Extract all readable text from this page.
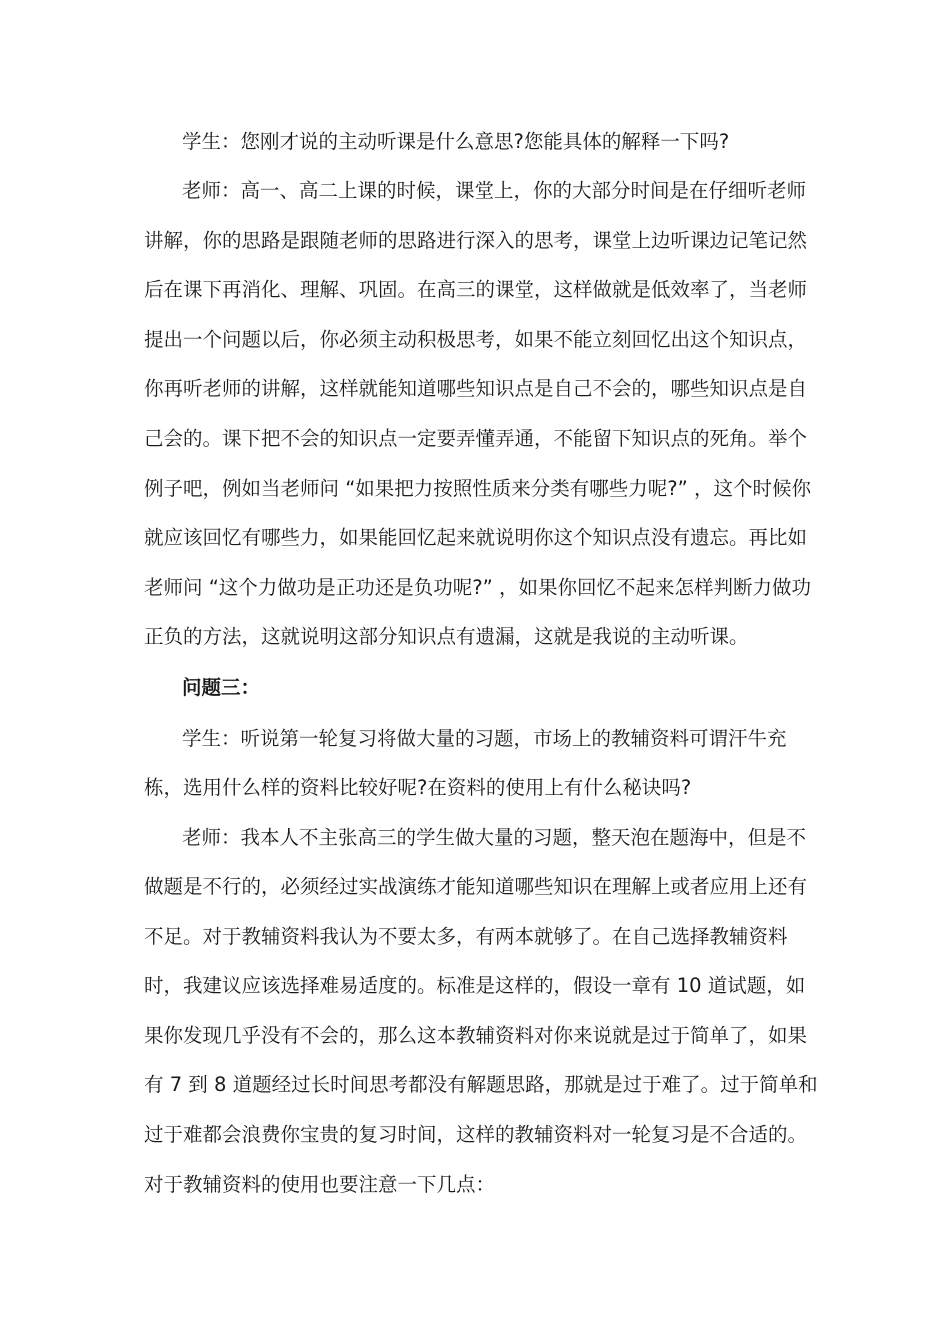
学生：您刚才说的主动听课是什么意思?您能具体的解释一下吗?
老师：高一、高二上课的时候，课堂上，你的大部分时间是在仔细听老师
讲解，你的思路是跟随老师的思路进行深入的思考，课堂上边听课边记笔记然
后在课下再消化、理解、巩固。在高三的课堂，这样做就是低效率了，当老师
提出一个问题以后，你必须主动积极思考，如果不能立刻回忆出这个知识点，
你再听老师的讲解，这样就能知道哪些知识点是自己不会的，哪些知识点是自
己会的。课下把不会的知识点一定要弄懂弄通，不能留下知识点的死角。举个
例子吧，例如当老师问 “如果把力按照性质来分类有哪些力呢?” ，这个时候你
就应该回忆有哪些力，如果能回忆起来就说明你这个知识点没有遗忘。再比如
老师问 “这个力做功是正功还是负功呢?” ，如果你回忆不起来怎样判断力做功
正负的方法，这就说明这部分知识点有遗漏，这就是我说的主动听课。
问题三：
学生：听说第一轮复习将做大量的习题，市场上的教辅资料可谓汗牛充
栋，选用什么样的资料比较好呢?在资料的使用上有什么秘诀吗?
老师：我本人不主张高三的学生做大量的习题，整天泡在题海中，但是不
做题是不行的，必须经过实战演练才能知道哪些知识在理解上或者应用上还有
不足。对于教辅资料我认为不要太多，有两本就够了。在自己选择教辅资料
时，我建议应该选择难易适度的。标准是这样的，假设一章有 10 道试题，如
果你发现几乎没有不会的，那么这本教辅资料对你来说就是过于简单了，如果
有 7 到 8 道题经过长时间思考都没有解题思路，那就是过于难了。过于简单和
过于难都会浪费你宝贵的复习时间，这样的教辅资料对一轮复习是不合适的。
对于教辅资料的使用也要注意一下几点：
